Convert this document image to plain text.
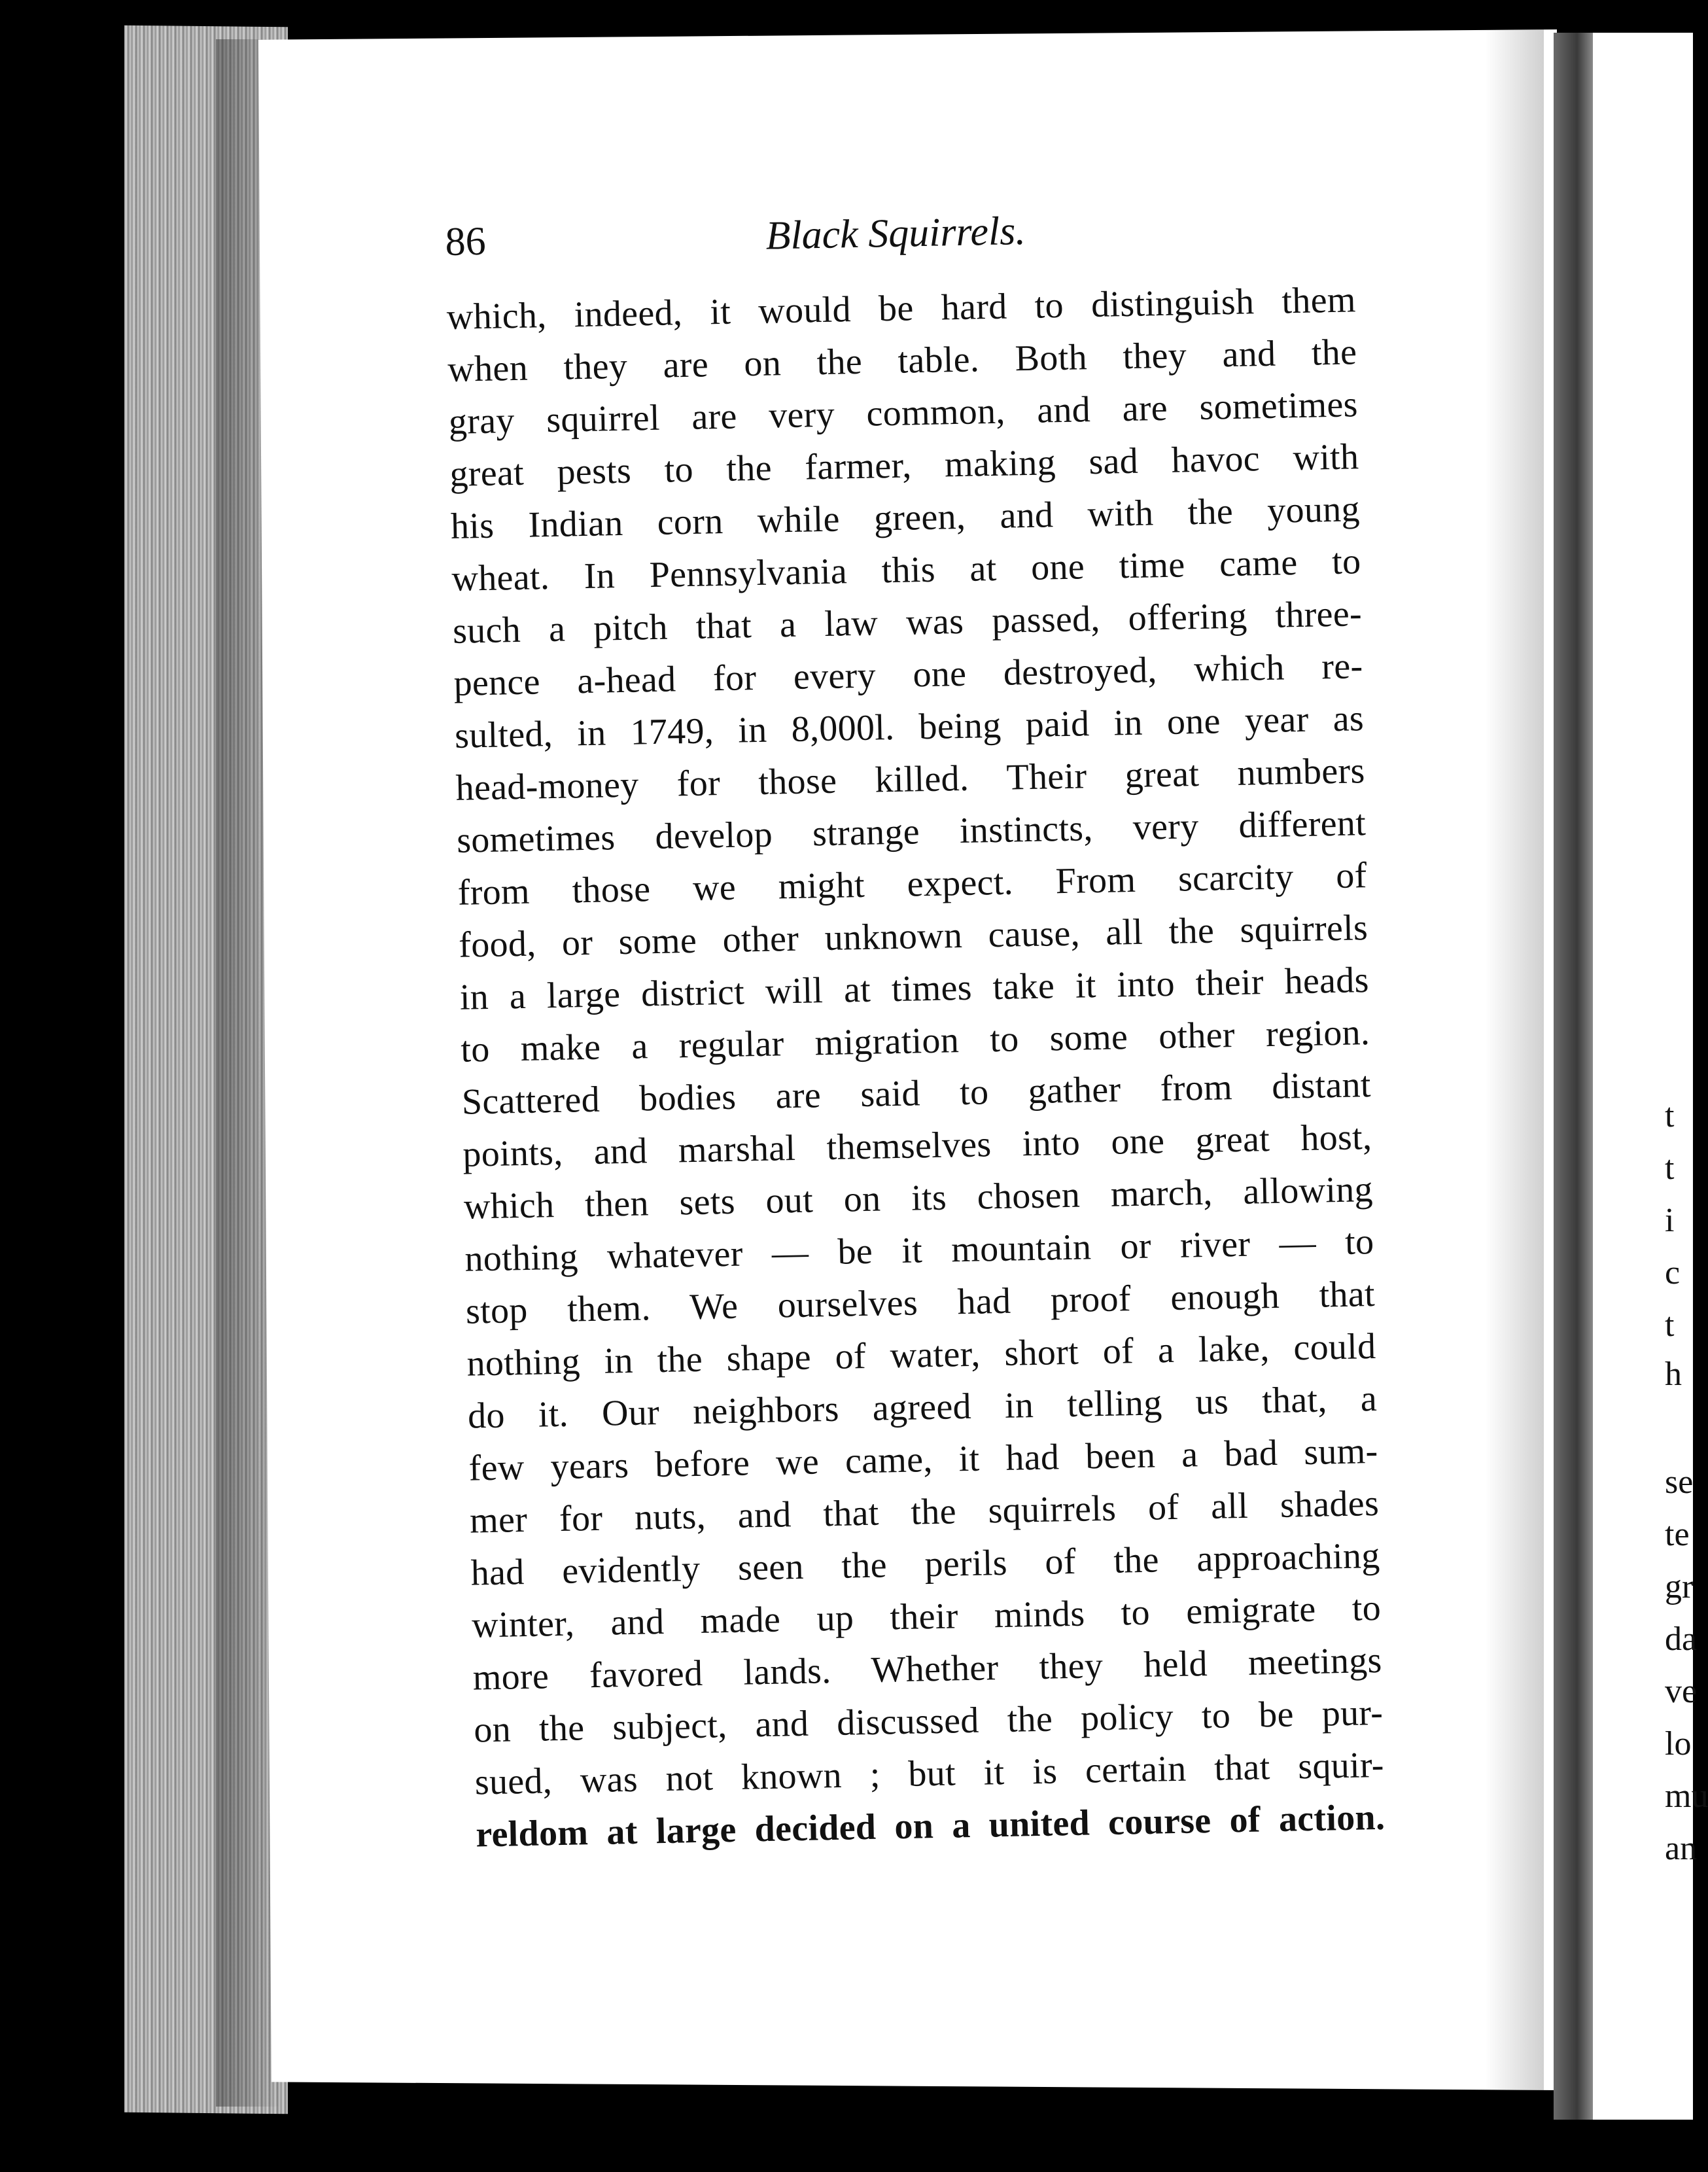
t
t
i
c
t
h
se
te
gr
da
ve
lo
mu
an
86	Black Squirrels.
which, indeed, it would be hard to distinguish them
when they are on the table. Both they and the
gray squirrel are very common, and are sometimes
great pests to the farmer, making sad havoc with
his Indian corn while green, and with the young
wheat. In Pennsylvania this at one time came to
such a pitch that a law was passed, offering three-
pence a-head for every one destroyed, which re-
sulted, in 1749, in 8,000l. being paid in one year as
head-money for those killed. Their great numbers
sometimes develop strange instincts, very different
from those we might expect. From scarcity of
food, or some other unknown cause, all the squirrels
in a large district will at times take it into their heads
to make a regular migration to some other region.
Scattered bodies are said to gather from distant
points, and marshal themselves into one great host,
which then sets out on its chosen march, allowing
nothing whatever — be it mountain or river — to
stop them. We ourselves had proof enough that
nothing in the shape of water, short of a lake, could
do it. Our neighbors agreed in telling us that, a
few years before we came, it had been a bad sum-
mer for nuts, and that the squirrels of all shades
had evidently seen the perils of the approaching
winter, and made up their minds to emigrate to
more favored lands. Whether they held meetings
on the subject, and discussed the policy to be pur-
sued, was not known ; but it is certain that squir-
reldom at large decided on a united course of action.
